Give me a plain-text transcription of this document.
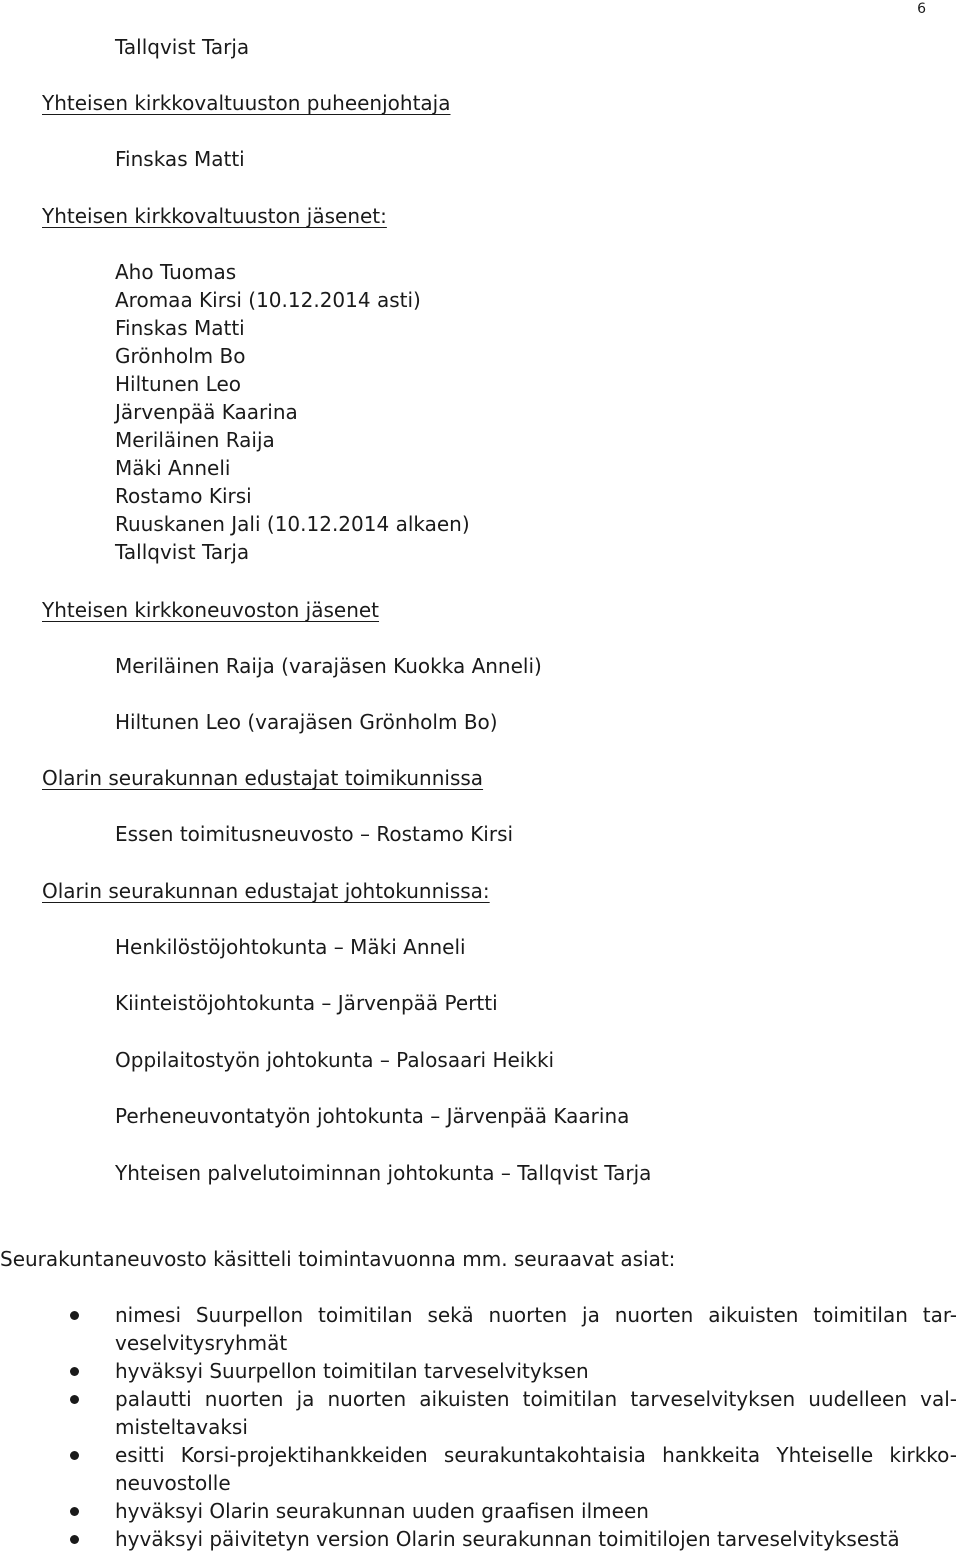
6
Tallqvist Tarja
Yhteisen kirkkovaltuuston puheenjohtaja
Finskas Matti
Yhteisen kirkkovaltuuston jäsenet:
Aho Tuomas
Aromaa Kirsi (10.12.2014 asti)
Finskas Matti
Grönholm Bo
Hiltunen Leo
Järvenpää Kaarina
Meriläinen Raija
Mäki Anneli
Rostamo Kirsi
Ruuskanen Jali (10.12.2014 alkaen)
Tallqvist Tarja
Yhteisen kirkkoneuvoston jäsenet
Meriläinen Raija (varajäsen Kuokka Anneli)
Hiltunen Leo (varajäsen Grönholm Bo)
Olarin seurakunnan edustajat toimikunnissa
Essen toimitusneuvosto – Rostamo Kirsi
Olarin seurakunnan edustajat johtokunnissa:
Henkilöstöjohtokunta – Mäki Anneli
Kiinteistöjohtokunta – Järvenpää Pertti
Oppilaitostyön johtokunta – Palosaari Heikki
Perheneuvontatyön johtokunta – Järvenpää Kaarina
Yhteisen palvelutoiminnan johtokunta – Tallqvist Tarja
Seurakuntaneuvosto käsitteli toimintavuonna mm. seuraavat asiat:
nimesi Suurpellon toimitilan sekä nuorten ja nuorten aikuisten toimitilan tar-
veselvitysryhmät
hyväksyi Suurpellon toimitilan tarveselvityksen
palautti nuorten ja nuorten aikuisten toimitilan tarveselvityksen uudelleen val-
misteltavaksi
esitti Korsi-projektihankkeiden seurakuntakohtaisia hankkeita Yhteiselle kirkko-
neuvostolle
hyväksyi Olarin seurakunnan uuden graafisen ilmeen
hyväksyi päivitetyn version Olarin seurakunnan toimitilojen tarveselvityksestä
